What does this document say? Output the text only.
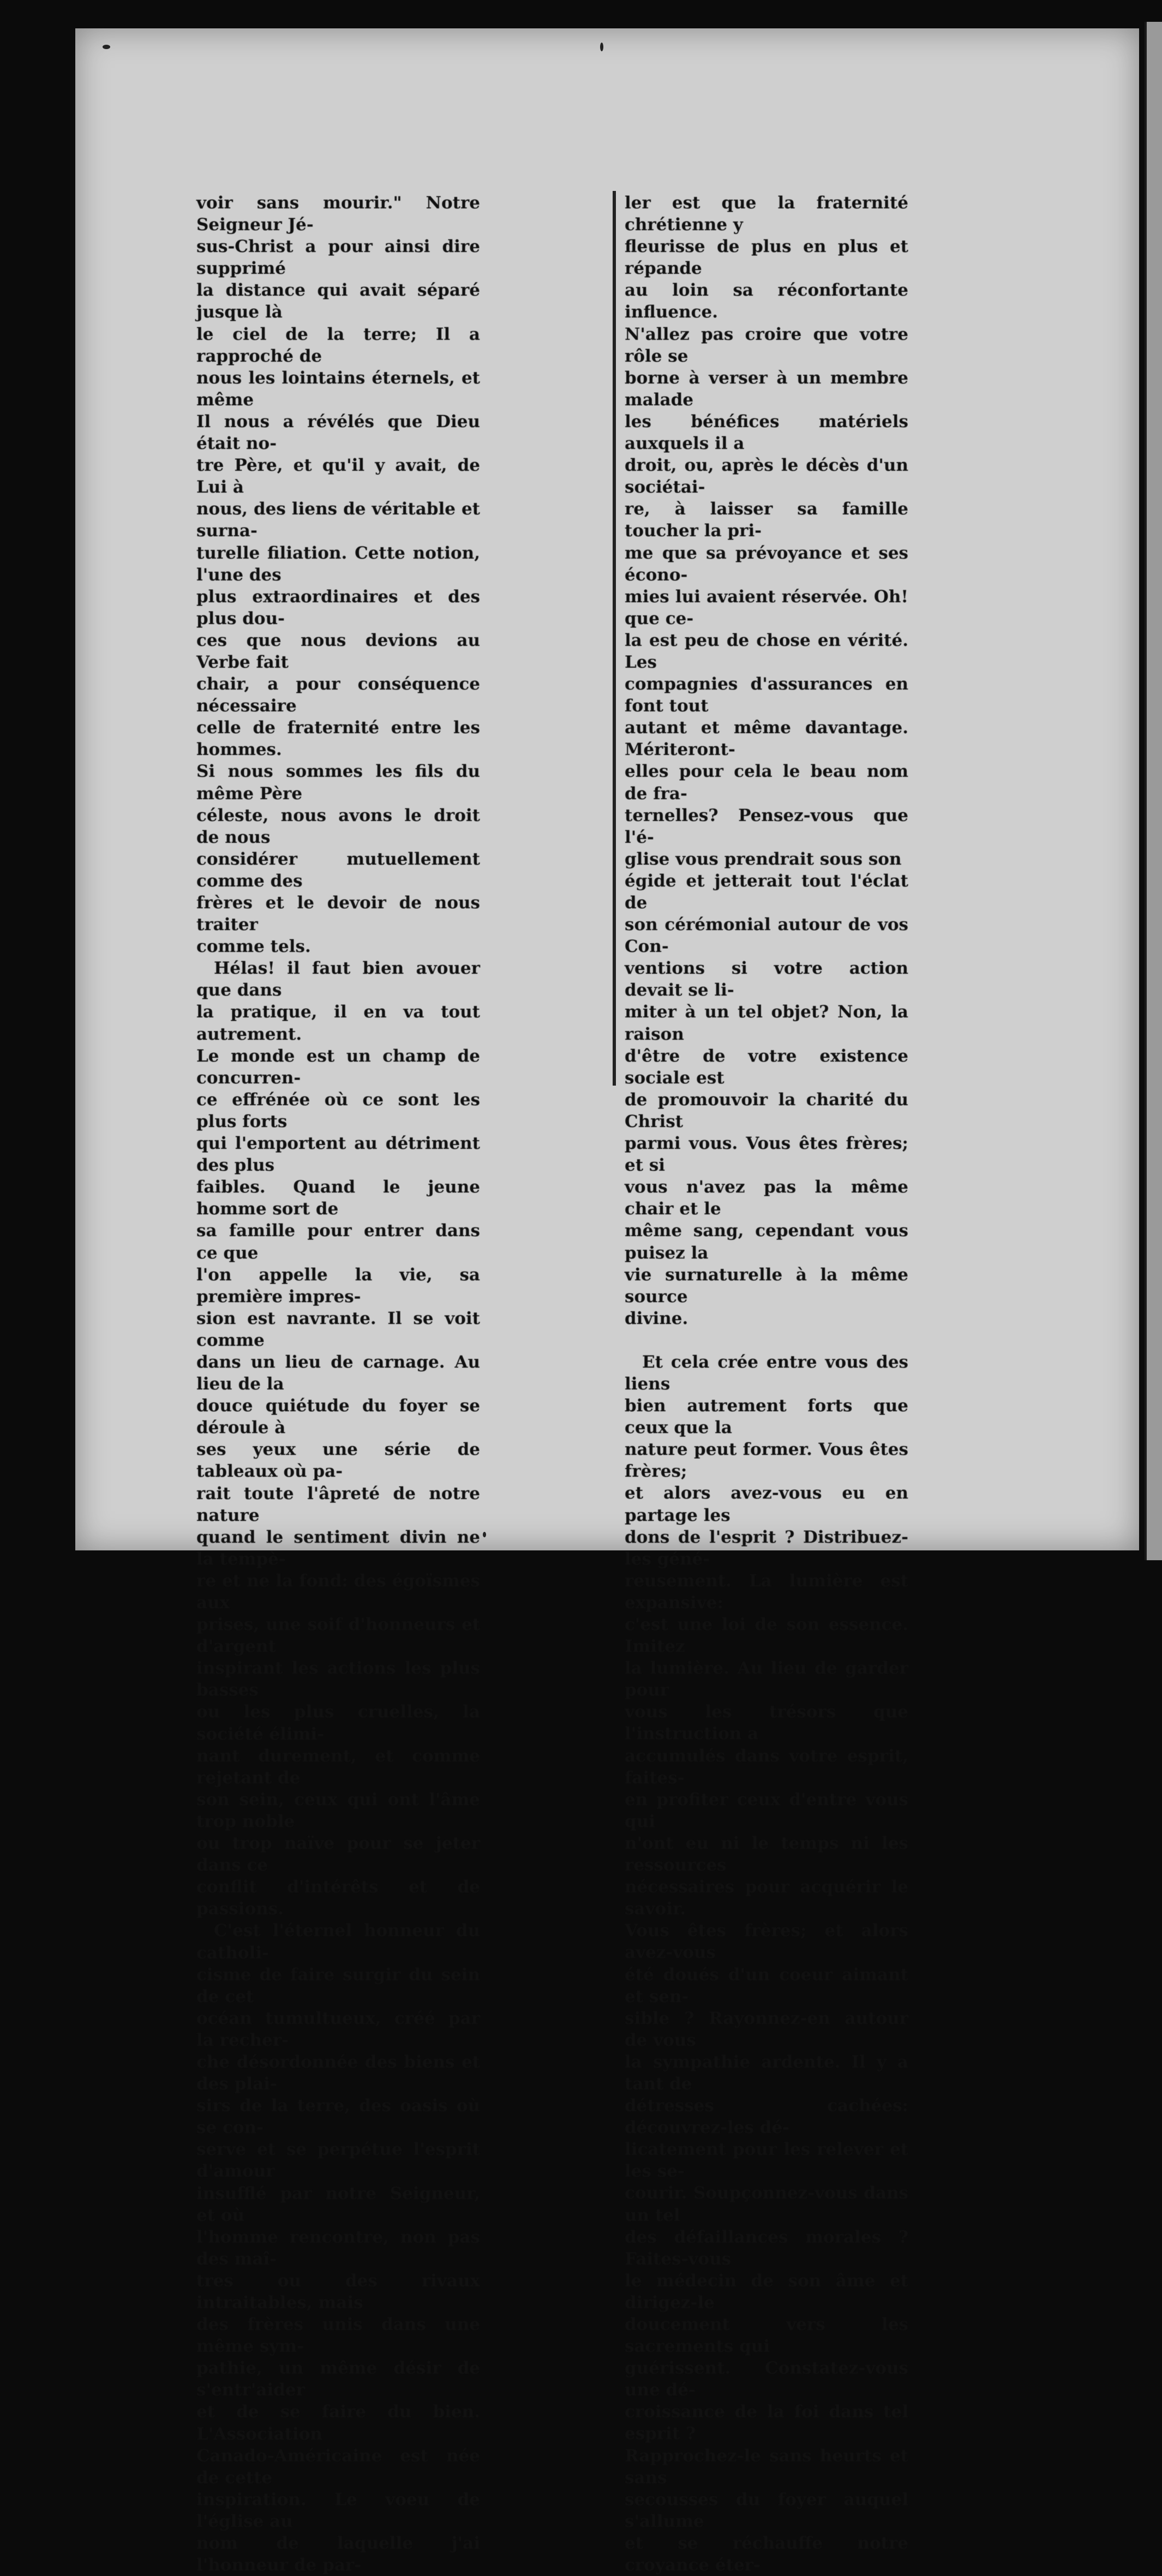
voir sans mourir." Notre Seigneur Jé-

sus-Christ a pour ainsi dire supprimé

la distance qui avait séparé jusque là

le ciel de la terre; Il a rapproché de

nous les lointains éternels, et même

Il nous a révélés que Dieu était no-

tre Père, et qu'il y avait, de Lui à

nous, des liens de véritable et surna-

turelle filiation. Cette notion, l'une des

plus extraordinaires et des plus dou-

ces que nous devions au Verbe fait

chair, a pour conséquence nécessaire

celle de fraternité entre les hommes.

Si nous sommes les fils du même Père

céleste, nous avons le droit de nous

considérer mutuellement comme des

frères et le devoir de nous traiter

comme tels.

Hélas! il faut bien avouer que dans

la pratique, il en va tout autrement.

Le monde est un champ de concurren-

ce effrénée où ce sont les plus forts

qui l'emportent au détriment des plus

faibles. Quand le jeune homme sort de

sa famille pour entrer dans ce que

l'on appelle la vie, sa première impres-

sion est navrante. Il se voit comme

dans un lieu de carnage. Au lieu de la

douce quiétude du foyer se déroule à

ses yeux une série de tableaux où pa-

rait toute l'âpreté de notre nature

quand le sentiment divin ne la tempè-

re et ne la fond: des égoïsmes aux

prises, une soif d'honneurs et d'argent

inspirant les actions les plus basses

ou les plus cruelles, la société élimi-

nant durement, et comme rejetant de

son sein, ceux qui ont l'âme trop noble

ou trop naïve pour se jeter dans ce

conflit d'intérêts et de passions.

C'est l'éternel honneur du catholi-

cisme de faire surgir du sein de cet

océan tumultueux, créé par la recher-

che désordonnée des biens et des plai-

sirs de la terre, des oasis où se con-

serve et se perpétue l'esprit d'amour

insufflé par notre Seigneur, et où

l'homme rencontre, non pas des maî-

tres ou des rivaux intraitables, mais

des frères unis dans une même sym-

pathie, un même désir de s'entr'aider

et de se faire du bien. L'Association

Canado-Américaine est née de cette

inspiration. Le voeu de l'église au

nom de laquelle j'ai l'honneur de par-

ler est que la fraternité chrétienne y

fleurisse de plus en plus et répande

au loin sa réconfortante influence.

N'allez pas croire que votre rôle se

borne à verser à un membre malade

les bénéfices matériels auxquels il a

droit, ou, après le décès d'un sociétai-

re, à laisser sa famille toucher la pri-

me que sa prévoyance et ses écono-

mies lui avaient réservée. Oh! que ce-

la est peu de chose en vérité. Les

compagnies d'assurances en font tout

autant et même davantage. Mériteront-

elles pour cela le beau nom de fra-

ternelles? Pensez-vous que l'é-

glise vous prendrait sous son

égide et jetterait tout l'éclat de

son cérémonial autour de vos Con-

ventions si votre action devait se li-

miter à un tel objet? Non, la raison

d'être de votre existence sociale est

de promouvoir la charité du Christ

parmi vous. Vous êtes frères; et si

vous n'avez pas la même chair et le

même sang, cependant vous puisez la

vie surnaturelle à la même source

divine.

Et cela crée entre vous des liens

bien autrement forts que ceux que la

nature peut former. Vous êtes frères;

et alors avez-vous eu en partage les

dons de l'esprit ? Distribuez-les géné-

reusement. La lumière est expansive:

c'est une loi de son essence. Imitez

la lumière. Au lieu de garder pour

vous les trésors que l'instruction a

accumulés dans votre esprit, faites-

en profiter ceux d'entre vous qui

n'ont eu ni le temps ni les ressources

nécessaires pour acquérir le savoir.

Vous êtes frères; et alors avez-vous

été doués d'un coeur aimant et sen-

sible ? Rayonnez-en autour de vous

la sympathie ardente. Il y a tant de

détresses cachées: découvrez-les dé-

licatement pour les relever et les se-

courir. Soupçonnez-vous dans un tel

des défaillances morales ? Faites-vous

le médecin de son âme et dirigez-le

doucement vers les sacrements qui

guérissent. Constatez-vous une dé-

croissance de la foi dans tel esprit ?

Rapprochez-le sans heurts et sans

secousses du foyer auquel s'allume

et se réchauffe notre croyance éter-
